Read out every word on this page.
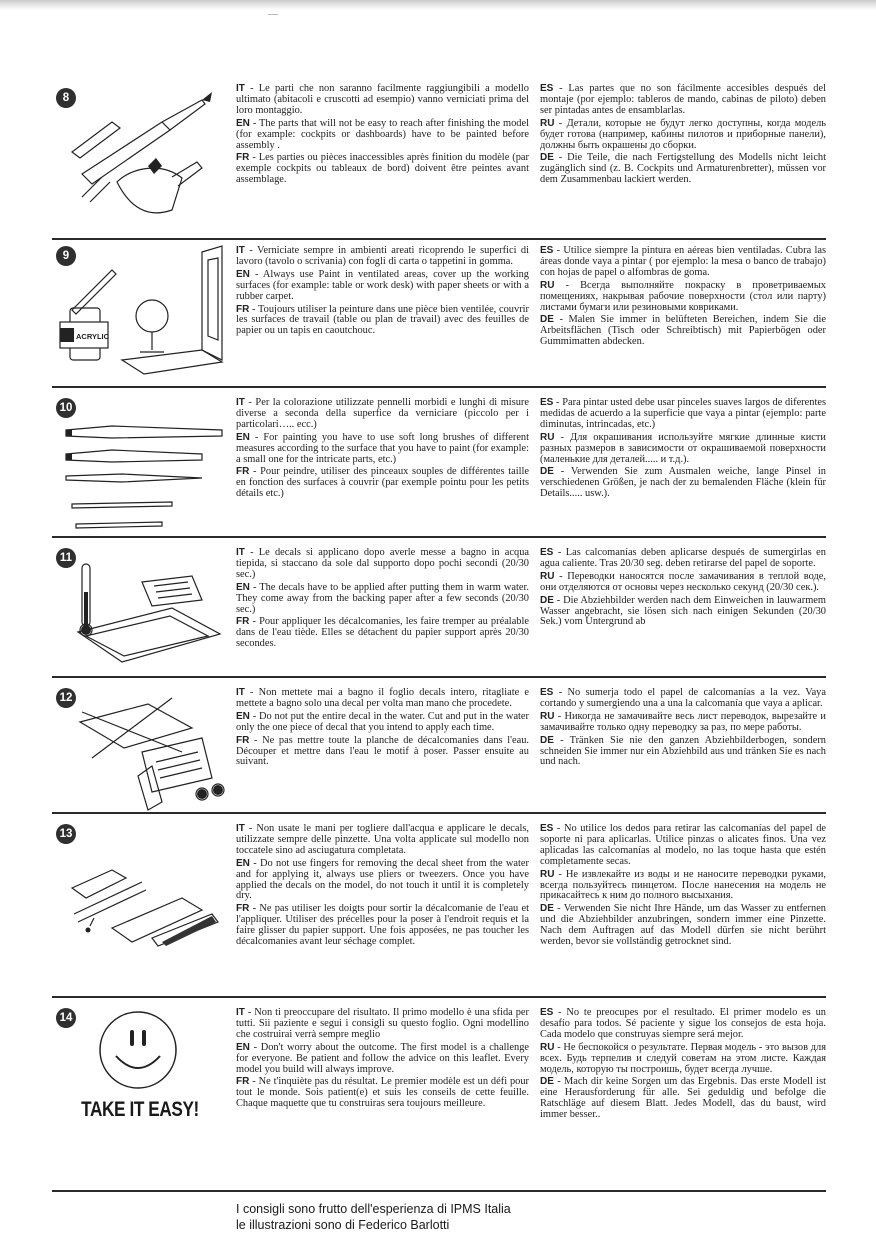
8

IT - Le parti che non saranno facilmente raggiungibili a modello ultimato (abitacoli e cruscotti ad esempio) vanno verniciati prima del loro montaggio.

EN - The parts that will not be easy to reach after finishing the model (for example: cockpits or dashboards) have to be painted before assembly .

FR - Les parties ou pièces inaccessibles après finition du modèle (par exemple cockpits ou tableaux de bord) doivent être peintes avant assemblage.

ES - Las partes que no son fácilmente accesibles después del montaje (por ejemplo: tableros de mando, cabinas de piloto) deben ser pintadas antes de ensamblarlas.

RU - Детали, которые не будут легко доступны, когда модель будет готова (например, кабины пилотов и приборные панели), должны быть окрашены до сборки.

DE - Die Teile, die nach Fertigstellung des Modells nicht leicht zugänglich sind (z. B. Cockpits und Armaturenbretter), müssen vor dem Zusammenbau lackiert werden.

9
ACRYLIC

IT - Verniciate sempre in ambienti areati ricoprendo le superfici di lavoro (tavolo o scrivania) con fogli di carta o tappetini in gomma.

EN - Always use Paint in ventilated areas, cover up the working surfaces (for example: table or work desk) with paper sheets or with a rubber carpet.

FR - Toujours utiliser la peinture dans une pièce bien ventilée, couvrir les surfaces de travail (table ou plan de travail) avec des feuilles de papier ou un tapis en caoutchouc.

ES - Utilice siempre la pintura en aéreas bien ventiladas. Cubra las áreas donde vaya a pintar ( por ejemplo: la mesa o banco de trabajo) con hojas de papel o alfombras de goma.

RU - Всегда выполняйте покраску в проветриваемых помещениях, накрывая рабочие поверхности (стол или парту) листами бумаги или резиновыми ковриками.

DE - Malen Sie immer in belüfteten Bereichen, indem Sie die Arbeitsflächen (Tisch oder Schreibtisch) mit Papierbögen oder Gummimatten abdecken.

10	IT - Per la colorazione utilizzate pennelli morbidi e lunghi di misure diverse a seconda della superfice da verniciare (piccolo per i particolari….. ecc.)

EN - For painting you have to use soft long brushes of different measures according to the surface that you have to paint (for example: a small one for the intricate parts, etc.)

FR - Pour peindre, utiliser des pinceaux souples de différentes taille en fonction des surfaces à couvrir (par exemple pointu pour les petits détails etc.)

ES - Para pintar usted debe usar pinceles suaves largos de diferentes medidas de acuerdo a la superficie que vaya a pintar (ejemplo: parte diminutas, intrincadas, etc.)

RU - Для окрашивания используйте мягкие длинные кисти разных размеров в зависимости от окрашиваемой поверхности (маленькие для деталей..... и т.д.).

DE - Verwenden Sie zum Ausmalen weiche, lange Pinsel in verschiedenen Größen, je nach der zu bemalenden Fläche (klein für Details..... usw.).

11	IT - Le decals si applicano dopo averle messe a bagno in acqua tiepida, si staccano da sole dal supporto dopo pochi secondi (20/30 sec.)

EN - The decals have to be applied after putting them in warm water. They come away from the backing paper after a few seconds (20/30 sec.)

FR - Pour appliquer les décalcomanies, les faire tremper au préalable dans de l'eau tiède. Elles se détachent du papier support après 20/30 secondes.

ES - Las calcomanías deben aplicarse después de sumergirlas en agua caliente. Tras 20/30 seg. deben retirarse del papel de soporte.

RU - Переводки наносятся после замачивания в теплой воде, они отделяются от основы через несколько секунд (20/30 сек.).

DE - Die Abziehbilder werden nach dem Einweichen in lauwarmem Wasser angebracht, sie lösen sich nach einigen Sekunden (20/30 Sek.) vom Untergrund ab

12	IT - Non mettete mai a bagno il foglio decals intero, ritagliate e mettete a bagno solo una decal per volta man mano che procedete.

EN - Do not put the entire decal in the water. Cut and put in the water only the one piece of decal that you intend to apply each time.

FR - Ne pas mettre toute la planche de décalcomanies dans l'eau. Découper et mettre dans l'eau le motif à poser. Passer ensuite au suivant.

ES - No sumerja todo el papel de calcomanías a la vez. Vaya cortando y sumergiendo una a una la calcomanía que vaya a aplicar.

RU - Никогда не замачивайте весь лист переводок, вырезайте и замачивайте только одну переводку за раз, по мере работы.

DE - Tränken Sie nie den ganzen Abziehbilderbogen, sondern schneiden Sie immer nur ein Abziehbild aus und tränken Sie es nach und nach.

13	IT - Non usate le mani per togliere dall'acqua e applicare le decals, utilizzate sempre delle pinzette. Una volta applicate sul modello non toccatele sino ad asciugatura completata.

EN - Do not use fingers for removing the decal sheet from the water and for applying it, always use pliers or tweezers. Once you have applied the decals on the model, do not touch it until it is completely dry.

FR - Ne pas utiliser les doigts pour sortir la décalcomanie de l'eau et l'appliquer. Utiliser des précelles pour la poser à l'endroit requis et la faire glisser du papier support. Une fois apposées, ne pas toucher les décalcomanies avant leur séchage complet.

ES - No utilice los dedos para retirar las calcomanías del papel de soporte ni para aplicarlas. Utilice pinzas o alicates finos. Una vez aplicadas las calcomanías al modelo, no las toque hasta que estén completamente secas.

RU - Не извлекайте из воды и не наносите переводки руками, всегда пользуйтесь пинцетом. После нанесения на модель не прикасайтесь к ним до полного высыхания.

DE - Verwenden Sie nicht Ihre Hände, um das Wasser zu entfernen und die Abziehbilder anzubringen, sondern immer eine Pinzette. Nach dem Auftragen auf das Modell dürfen sie nicht berührt werden, bevor sie vollständig getrocknet sind.

14
TAKE IT EASY!

IT - Non ti preoccupare del risultato. Il primo modello è una sfida per tutti. Sii paziente e segui i consigli su questo foglio. Ogni modellino che costruirai verrà sempre meglio

EN - Don't worry about the outcome. The first model is a challenge for everyone. Be patient and follow the advice on this leaflet. Every model you build will always improve.

FR - Ne t'inquiète pas du résultat. Le premier modèle est un défi pour tout le monde. Sois patient(e) et suis les conseils de cette feuille. Chaque maquette que tu construiras sera toujours meilleure.

ES - No te preocupes por el resultado. El primer modelo es un desafío para todos. Sé paciente y sigue los consejos de esta hoja. Cada modelo que construyas siempre será mejor.

RU - Не беспокойся о результате. Первая модель - это вызов для всех. Будь терпелив и следуй советам на этом листе. Каждая модель, которую ты построишь, будет всегда лучше.

DE - Mach dir keine Sorgen um das Ergebnis. Das erste Modell ist eine Herausforderung für alle. Sei geduldig und befolge die Ratschläge auf diesem Blatt. Jedes Modell, das du baust, wird immer besser..

I consigli sono frutto dell'esperienza di IPMS Italia
le illustrazioni sono di Federico Barlotti
